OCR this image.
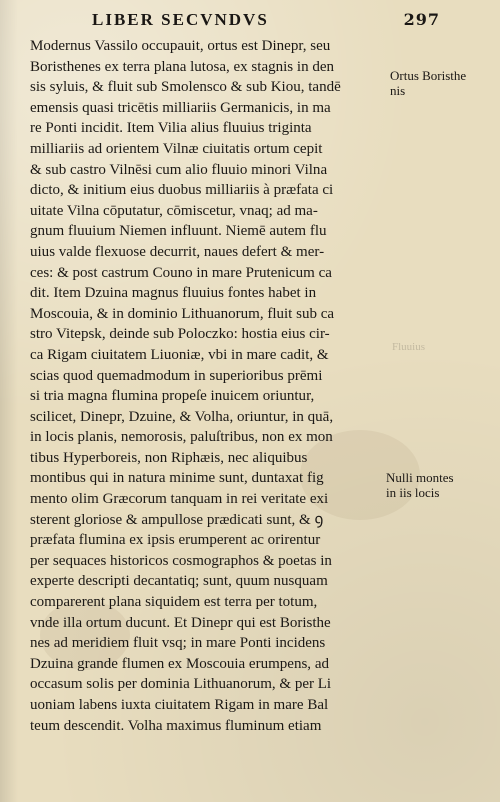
LIBER SECVNDVS	297
Modernus Vassilo occupauit, ortus est Dinepr, seu
Boristhenes ex terra plana lutosa, ex stagnis in den
sis syluis, & fluit sub Smolensco & sub Kiou, tandē
emensis quasi tricētis milliariis Germanicis, in ma
re Ponti incidit. Item Vilia alius fluuius triginta
milliariis ad orientem Vilnæ ciuitatis ortum cepit
& sub castro Vilnēsi cum alio fluuio minori Vilna
dicto, & initium eius duobus milliariis à præfata ci
uitate Vilna cōputatur, cōmiscetur, vnaq; ad ma-
gnum fluuium Niemen influunt. Niemē autem flu
uius valde flexuose decurrit, naues defert & mer-
ces: & post castrum Couno in mare Prutenicum ca
dit. Item Dzuina magnus fluuius fontes habet in
Moscouia, & in dominio Lithuanorum, fluit sub ca
stro Vitepsk, deinde sub Poloczko: hostia eius cir-
ca Rigam ciuitatem Liuoniæ, vbi in mare cadit, &
scias quod quemadmodum in superioribus prēmi
si tria magna flumina propeſe inuicem oriuntur,
scilicet, Dinepr, Dzuine, & Volha, oriuntur, in quā,
in locis planis, nemorosis, paluſtribus, non ex mon
tibus Hyperboreis, non Riphæis, nec aliquibus
montibus qui in natura minime sunt, duntaxat fig
mento olim Græcorum tanquam in rei veritate exi
sterent gloriose & ampullose prædicati sunt, & ꝯ
præfata flumina ex ipsis erumperent ac orirentur
per sequaces historicos cosmographos & poetas in
experte descripti decantatiq; sunt, quum nusquam
comparerent plana siquidem est terra per totum,
vnde illa ortum ducunt. Et Dinepr qui est Boristhe
nes ad meridiem fluit vsq; in mare Ponti incidens
Dzuina grande flumen ex Moscouia erumpens, ad
occasum solis per dominia Lithuanorum, & per Li
uoniam labens iuxta ciuitatem Rigam in mare Bal
teum descendit. Volha maximus fluminum etiam
Ortus Boristhe
nis
Nulli montes
in iis locis
Fluuius
